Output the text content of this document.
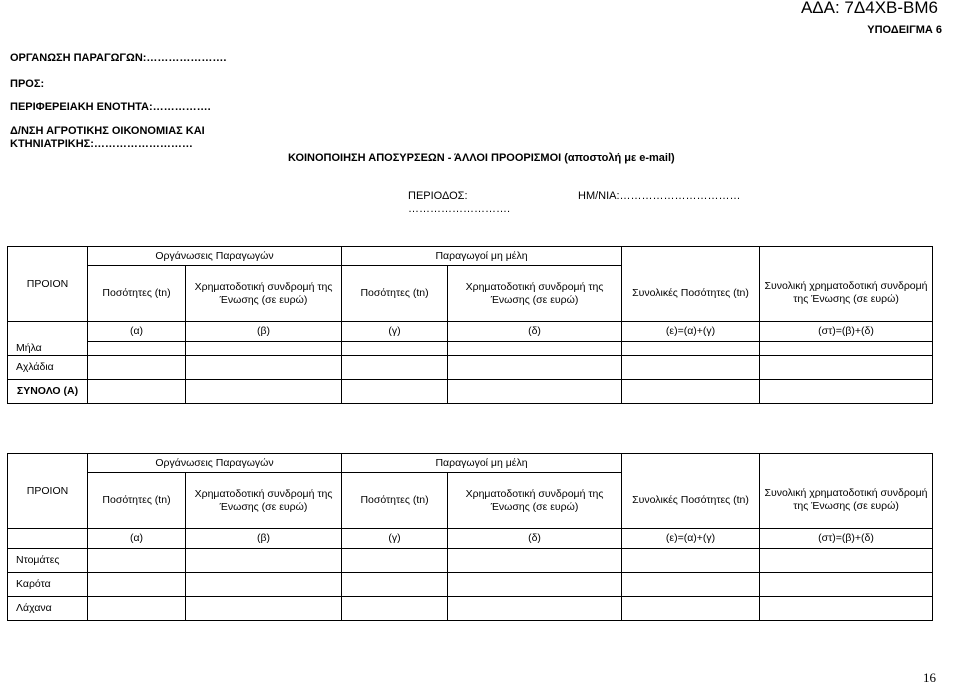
ΑΔΑ: 7Δ4ΧΒ-ΒΜ6
ΥΠΟΔΕΙΓΜΑ 6
ΟΡΓΑΝΩΣΗ ΠΑΡΑΓΩΓΩΝ:………………….
ΠΡΟΣ:
ΠΕΡΙΦΕΡΕΙΑΚΗ ΕΝΟΤΗΤΑ:…………….
Δ/ΝΣΗ ΑΓΡΟΤΙΚΗΣ ΟΙΚΟΝΟΜΙΑΣ ΚΑΙ
ΚΤΗΝΙΑΤΡΙΚΗΣ:………………………
ΚΟΙΝΟΠΟΙΗΣΗ ΑΠΟΣΥΡΣΕΩΝ - ΆΛΛΟΙ ΠΡΟΟΡΙΣΜΟΙ (αποστολή με e-mail)
ΠΕΡΙΟΔΟΣ:
……………………….
ΗΜ/ΝΙΑ:……………………………
ΠΡΟΙΟΝ	Οργάνωσεις Παραγωγών		Παραγωγοί μη μέλη			
	Ποσότητες (tn)	Χρηματοδοτική συνδρομή της Ένωσης (σε ευρώ)	Ποσότητες (tn)	Χρηματοδοτική συνδρομή της Ένωσης (σε ευρώ)	Συνολικές Ποσότητες (tn)	Συνολική χρηματοδοτική συνδρομή της Ένωσης (σε ευρώ)
	(α)	(β)	(γ)	(δ)	(ε)=(α)+(γ)	(στ)=(β)+(δ)
Μήλα						
Αχλάδια						
ΣΥΝΟΛΟ (Α)						
ΠΡΟΙΟΝ	Οργάνωσεις Παραγωγών		Παραγωγοί μη μέλη			
	Ποσότητες (tn)	Χρηματοδοτική συνδρομή της Ένωσης (σε ευρώ)	Ποσότητες (tn)	Χρηματοδοτική συνδρομή της Ένωσης (σε ευρώ)	Συνολικές Ποσότητες (tn)	Συνολική χρηματοδοτική συνδρομή της Ένωσης (σε ευρώ)
	(α)	(β)	(γ)	(δ)	(ε)=(α)+(γ)	(στ)=(β)+(δ)
Ντομάτες						
Καρότα						
Λάχανα						
16
